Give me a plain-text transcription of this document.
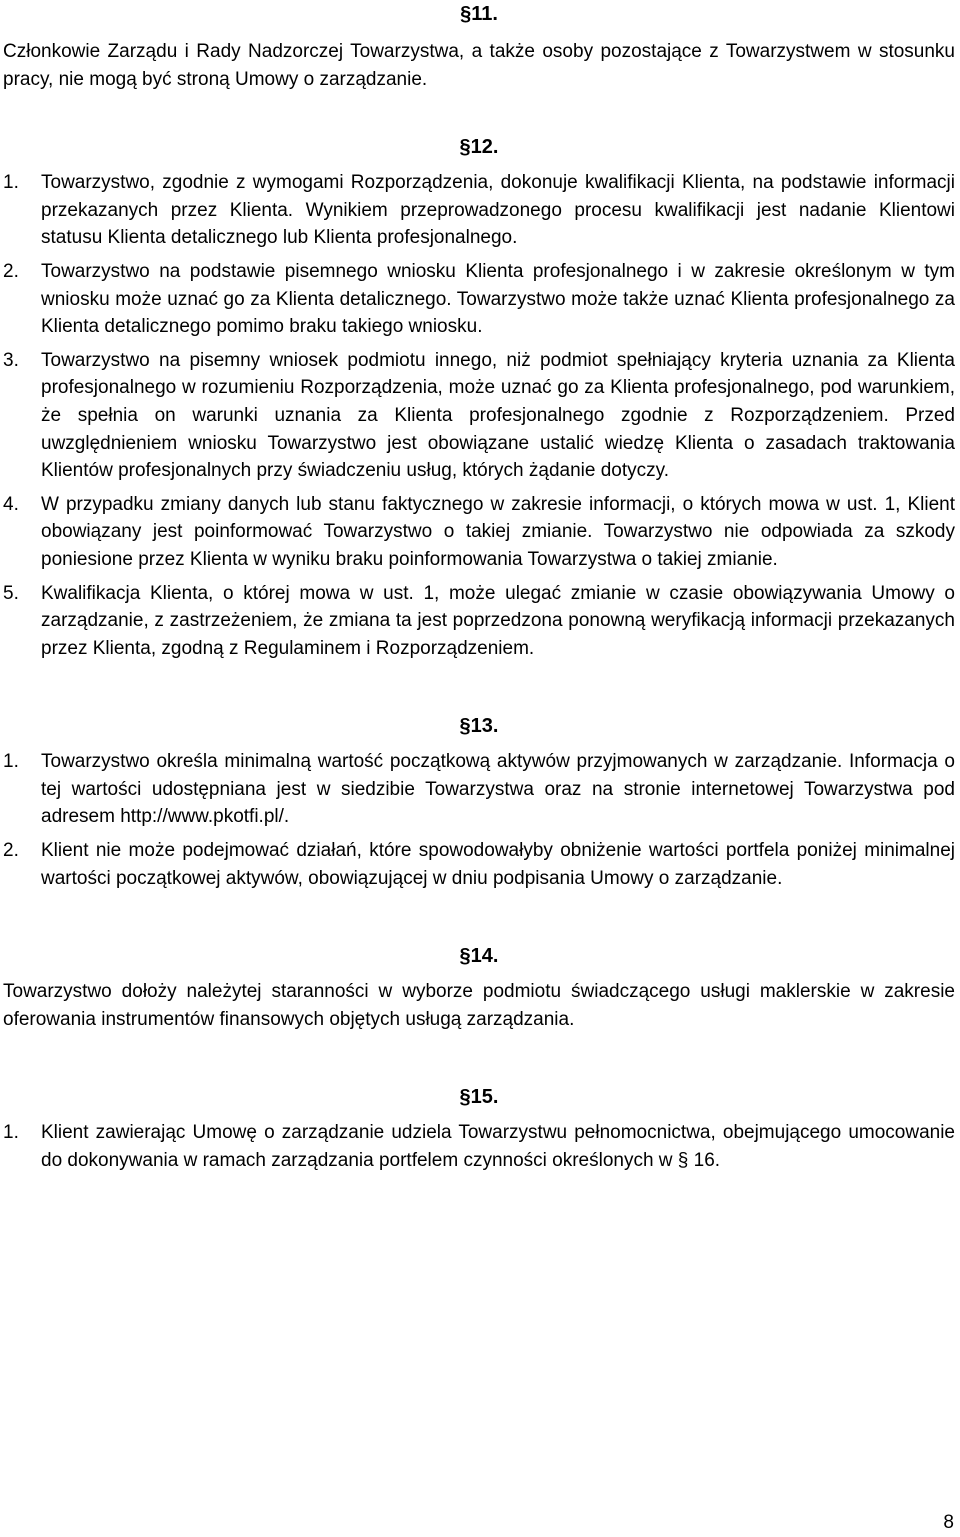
§11.

Członkowie Zarządu i Rady Nadzorczej Towarzystwa, a także osoby pozostające z Towarzystwem w stosunku pracy, nie mogą być stroną Umowy o zarządzanie.

§12.

1.	Towarzystwo, zgodnie z wymogami Rozporządzenia, dokonuje kwalifikacji Klienta, na podstawie informacji przekazanych przez Klienta. Wynikiem przeprowadzonego procesu kwalifikacji jest nadanie Klientowi statusu Klienta detalicznego lub Klienta profesjonalnego.
2.	Towarzystwo na podstawie pisemnego wniosku Klienta profesjonalnego i w zakresie określonym w tym wniosku może uznać go za Klienta detalicznego. Towarzystwo może także uznać Klienta profesjonalnego za Klienta detalicznego pomimo braku takiego wniosku.
3.	Towarzystwo na pisemny wniosek podmiotu innego, niż podmiot spełniający kryteria uznania za Klienta profesjonalnego w rozumieniu Rozporządzenia, może uznać go za Klienta profesjonalnego, pod warunkiem, że spełnia on warunki uznania za Klienta profesjonalnego zgodnie z Rozporządzeniem. Przed uwzględnieniem wniosku Towarzystwo jest obowiązane ustalić wiedzę Klienta o zasadach traktowania Klientów profesjonalnych przy świadczeniu usług, których żądanie dotyczy.
4.	W przypadku zmiany danych lub stanu faktycznego w zakresie informacji, o których mowa w ust. 1, Klient obowiązany jest poinformować Towarzystwo o takiej zmianie. Towarzystwo nie odpowiada za szkody poniesione przez Klienta w wyniku braku poinformowania Towarzystwa o takiej zmianie.
5.	Kwalifikacja Klienta, o której mowa w ust. 1, może ulegać zmianie w czasie obowiązywania Umowy o zarządzanie, z zastrzeżeniem, że zmiana ta jest poprzedzona ponowną weryfikacją informacji przekazanych przez Klienta, zgodną z Regulaminem i Rozporządzeniem.

§13.

1.	Towarzystwo określa minimalną wartość początkową aktywów przyjmowanych w zarządzanie. Informacja o tej wartości udostępniana jest w siedzibie Towarzystwa oraz na stronie internetowej Towarzystwa pod adresem http://www.pkotfi.pl/.
2.	Klient nie może podejmować działań, które spowodowałyby obniżenie wartości portfela poniżej minimalnej wartości początkowej aktywów, obowiązującej w dniu podpisania Umowy o zarządzanie.

§14.

Towarzystwo dołoży należytej staranności w wyborze podmiotu świadczącego usługi maklerskie w zakresie oferowania instrumentów finansowych objętych usługą zarządzania.

§15.

1.	Klient zawierając Umowę o zarządzanie udziela Towarzystwu pełnomocnictwa, obejmującego umocowanie do dokonywania w ramach zarządzania portfelem czynności określonych w § 16.
8
